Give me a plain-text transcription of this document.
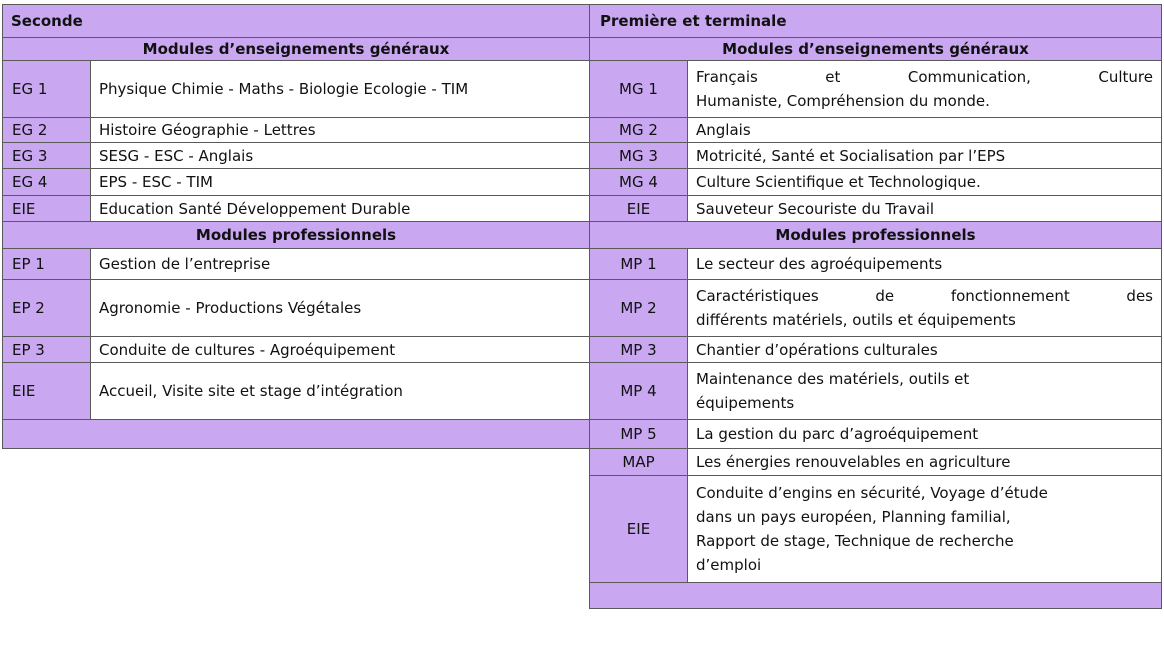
Seconde	
Modules d’enseignements généraux	
EG 1	Physique Chimie - Maths - Biologie Ecologie - TIM
EG 2	Histoire Géographie - Lettres
EG 3	SESG - ESC - Anglais
EG 4	EPS - ESC - TIM
EIE	Education Santé Développement Durable
Modules professionnels	
EP 1	Gestion de l’entreprise
EP 2	Agronomie - Productions Végétales
EP 3	Conduite de cultures - Agroéquipement
EIE	Accueil, Visite site et stage d’intégration

Première et terminale	
Modules d’enseignements généraux	
MG 1	Français et Communication, Culture
Humaniste, Compréhension du monde.

MG 2	Anglais
MG 3	Motricité, Santé et Socialisation par l’EPS
MG 4	Culture Scientifique et Technologique.
EIE	Sauveteur Secouriste du Travail
Modules professionnels	
MP 1	Le secteur des agroéquipements
MP 2	Caractéristiques de fonctionnement des
différents matériels, outils et équipements

MP 3	Chantier d’opérations culturales
MP 4	Maintenance des matériels, outils et
équipements

MP 5	La gestion du parc d’agroéquipement
MAP	Les énergies renouvelables en agriculture
EIE	Conduite d’engins en sécurité, Voyage d’étude
dans un pays européen, Planning familial,
Rapport de stage, Technique de recherche
d’emploi
